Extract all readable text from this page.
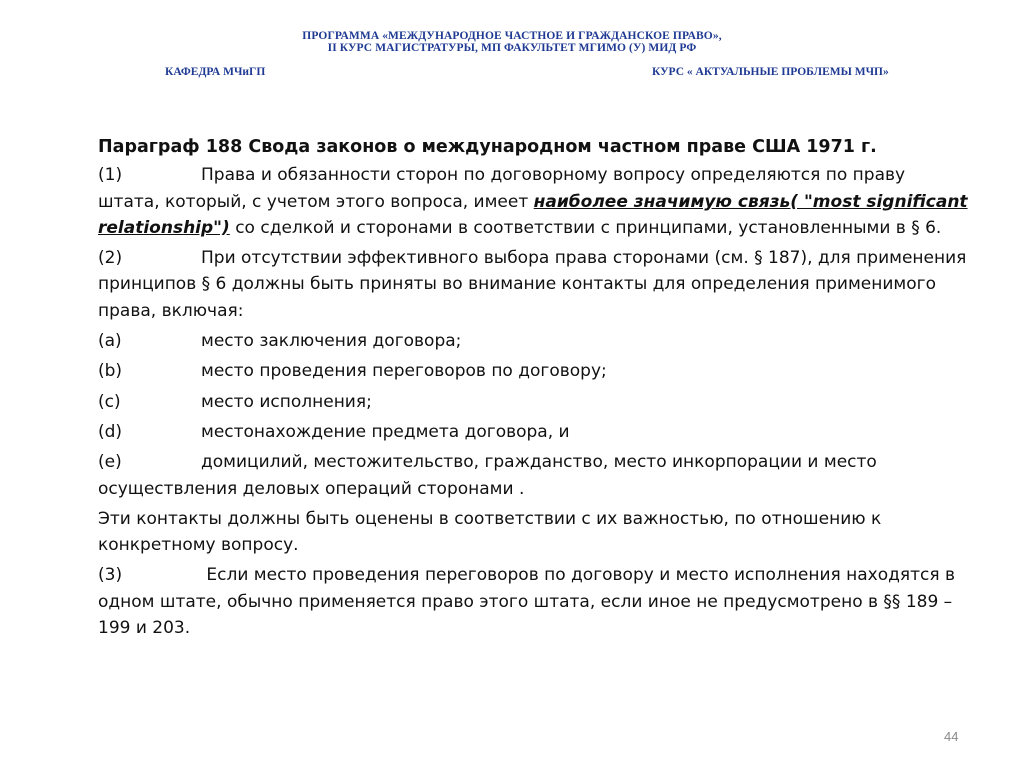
ПРОГРАММА «МЕЖДУНАРОДНОЕ ЧАСТНОЕ И ГРАЖДАНСКОЕ ПРАВО»,
II КУРС МАГИСТРАТУРЫ, МП ФАКУЛЬТЕТ МГИМО (У) МИД РФ
КАФЕДРА МЧиГП	КУРС « АКТУАЛЬНЫЕ ПРОБЛЕМЫ МЧП»

Параграф 188 Свода законов о международном частном праве США 1971 г.

(1)	Права и обязанности сторон по договорному вопросу определяются по праву штата, который, с учетом этого вопроса, имеет наиболее значимую связь( "most significant relationship") со сделкой и сторонами в соответствии с принципами, установленными в § 6.

(2)	При отсутствии эффективного выбора права сторонами (см. § 187), для применения принципов § 6 должны быть приняты во внимание контакты для определения применимого права, включая:

(a)	место заключения договора;

(b)	место проведения переговоров по договору;

(c)	место исполнения;

(d)	местонахождение предмета договора, и

(e)	домицилий, местожительство, гражданство, место инкорпорации и место осуществления деловых операций сторонами .

Эти контакты должны быть оценены в соответствии с их важностью, по отношению к конкретному вопросу.

(3)	Если место проведения переговоров по договору и место исполнения находятся в одном штате, обычно применяется право этого штата, если иное не предусмотрено в §§ 189 – 199 и 203.

44
